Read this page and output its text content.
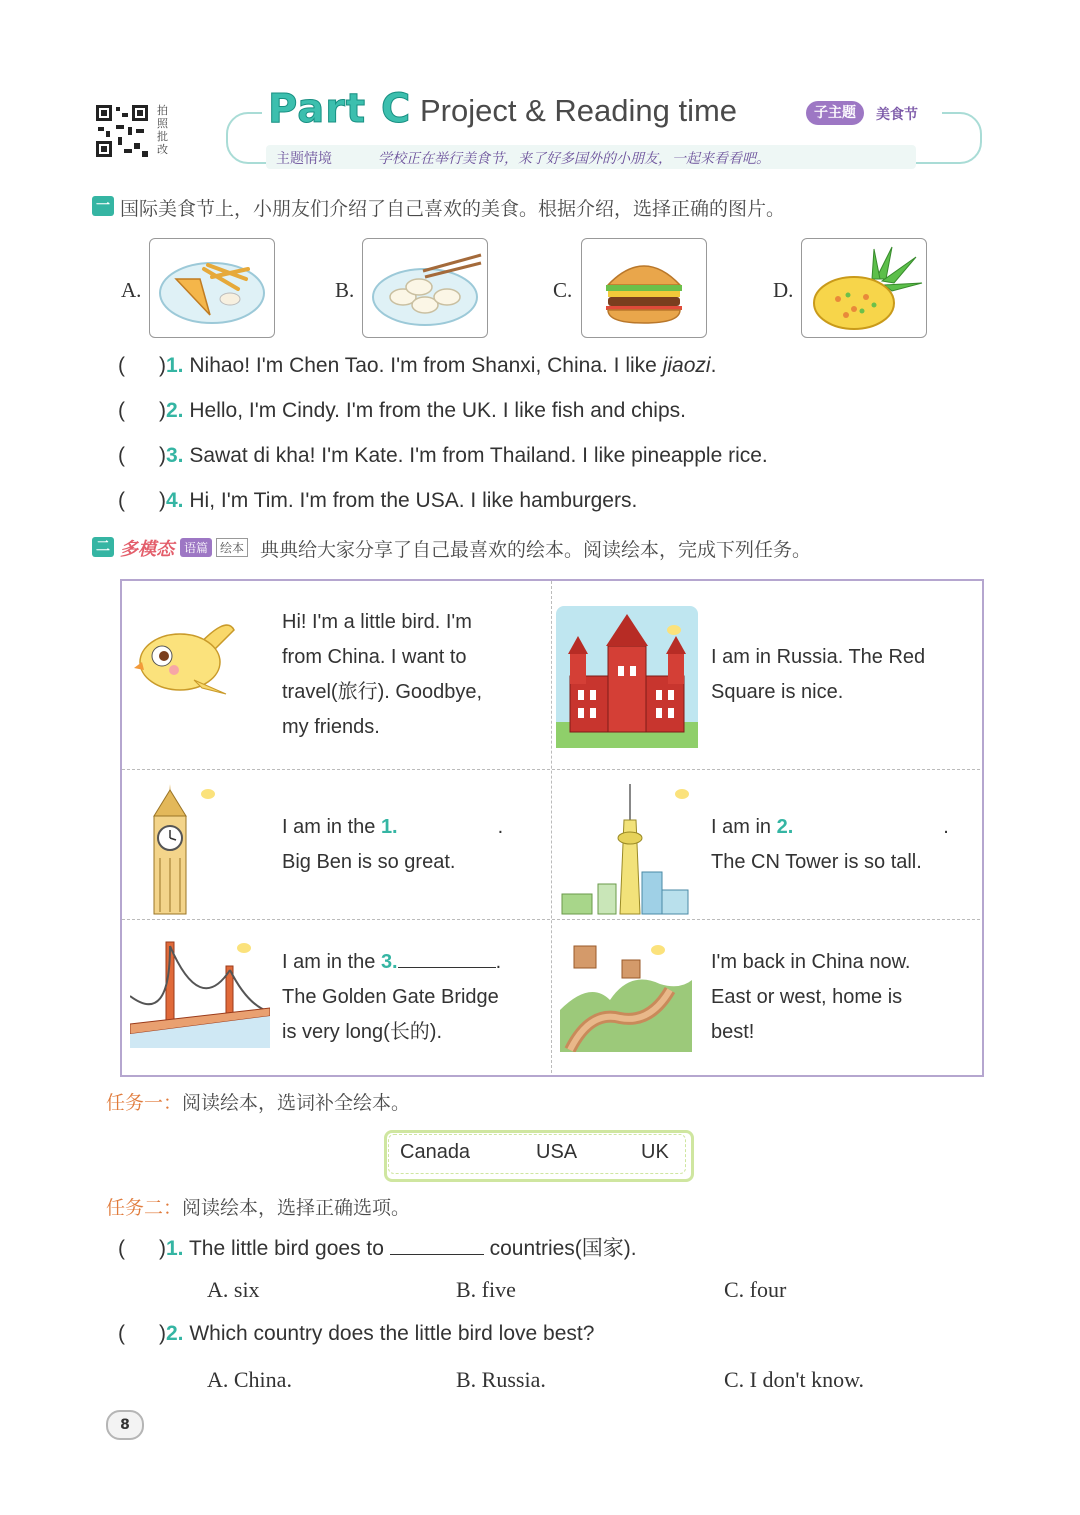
拍照批改
Part C Project & Reading time	子主题	美食节
主题情境	学校正在举行美食节，来了好多国外的小朋友，一起来看看吧。
一 国际美食节上，小朋友们介绍了自己喜欢的美食。根据介绍，选择正确的图片。
A.	B.	C.	D.
( )1. Nihao! I'm Chen Tao. I'm from Shanxi, China. I like jiaozi.
( )2. Hello, I'm Cindy. I'm from the UK. I like fish and chips.
( )3. Sawat di kha! I'm Kate. I'm from Thailand. I like pineapple rice.
( )4. Hi, I'm Tim. I'm from the USA. I like hamburgers.
二 多模态 语篇 绘本 典典给大家分享了自己最喜欢的绘本。阅读绘本，完成下列任务。
Hi! I'm a little bird. I'm
from China. I want to
travel(旅行). Goodbye,
my friends.
I am in Russia. The Red
Square is nice.
I am in the 1.	.
Big Ben is so great.
I am in 2.	.
The CN Tower is so tall.
I am in the 3.	.
The Golden Gate Bridge
is very long(长的).
I'm back in China now.
East or west, home is
best!
任务一：阅读绘本，选词补全绘本。
Canada	USA	UK
任务二：阅读绘本，选择正确选项。
( )1. The little bird goes to	countries(国家).
A. six	B. five	C. four
( )2. Which country does the little bird love best?
A. China.	B. Russia.	C. I don't know.
8
